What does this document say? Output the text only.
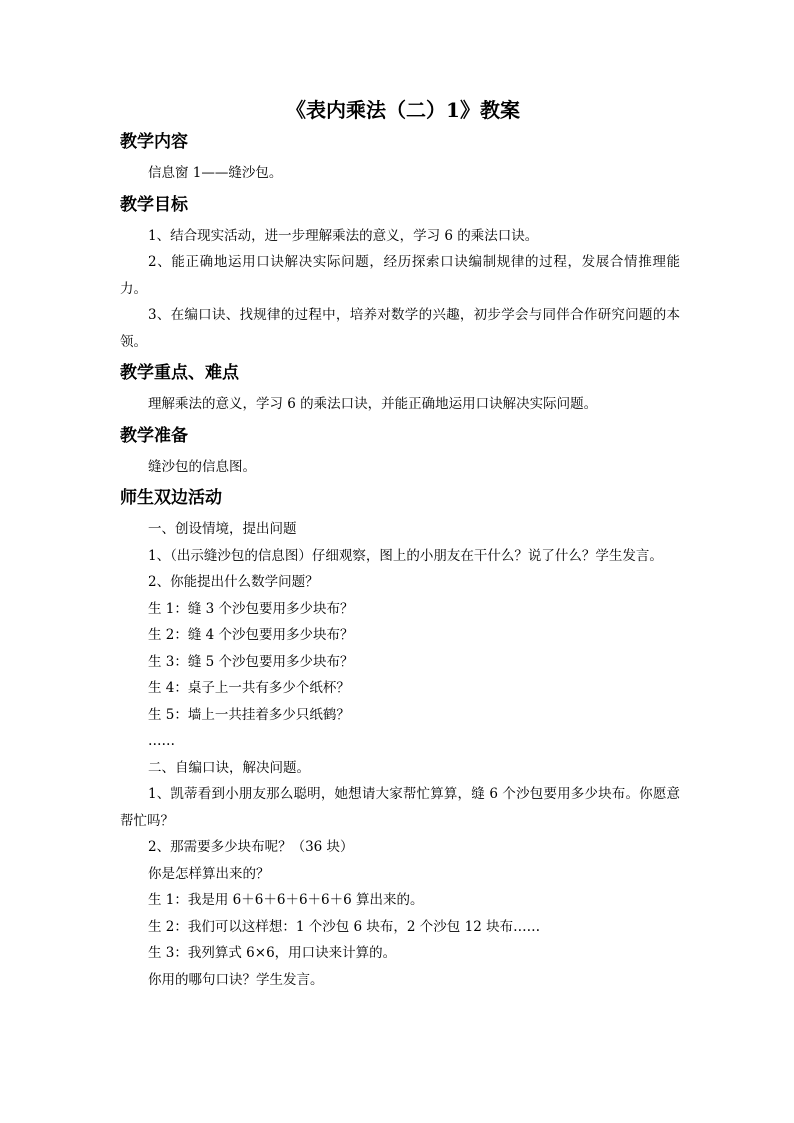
《表内乘法（二）1》教案
教学内容

信息窗 1——缝沙包。

教学目标

1、结合现实活动，进一步理解乘法的意义，学习 6 的乘法口诀。

2、能正确地运用口诀解决实际问题，经历探索口诀编制规律的过程，发展合情推理能力。

3、在编口诀、找规律的过程中，培养对数学的兴趣，初步学会与同伴合作研究问题的本领。

教学重点、难点

理解乘法的意义，学习 6 的乘法口诀，并能正确地运用口诀解决实际问题。

教学准备

缝沙包的信息图。

师生双边活动

一、创设情境，提出问题

1、（出示缝沙包的信息图）仔细观察，图上的小朋友在干什么？说了什么？学生发言。

2、你能提出什么数学问题？

生 1：缝 3 个沙包要用多少块布？

生 2：缝 4 个沙包要用多少块布？

生 3：缝 5 个沙包要用多少块布？

生 4：桌子上一共有多少个纸杯？

生 5：墙上一共挂着多少只纸鹤？

……

二、自编口诀，解决问题。

1、凯蒂看到小朋友那么聪明，她想请大家帮忙算算，缝 6 个沙包要用多少块布。你愿意帮忙吗？

2、那需要多少块布呢？（36 块）

你是怎样算出来的？

生 1：我是用 6＋6＋6＋6＋6＋6 算出来的。

生 2：我们可以这样想：1 个沙包 6 块布，2 个沙包 12 块布……

生 3：我列算式 6×6，用口诀来计算的。

你用的哪句口诀？学生发言。
